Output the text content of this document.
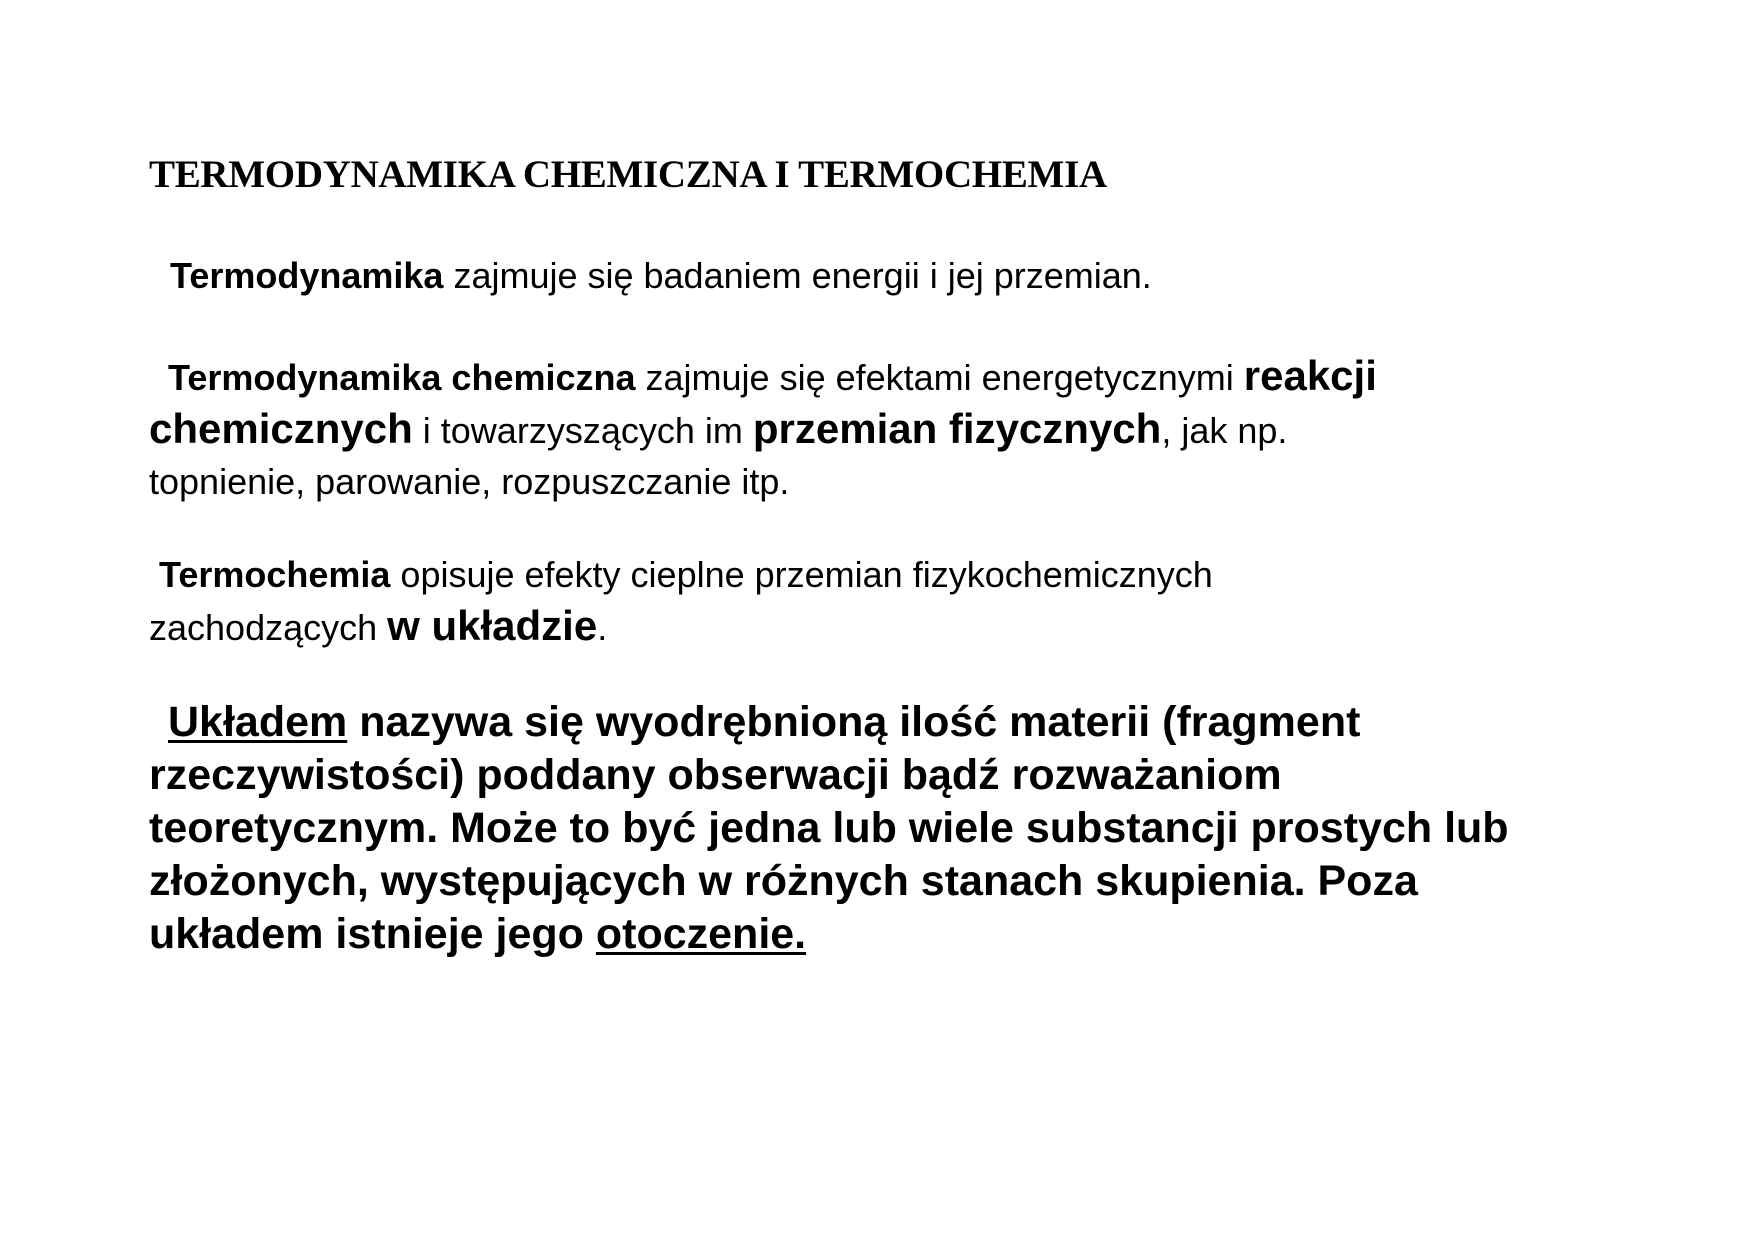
TERMODYNAMIKA CHEMICZNA I TERMOCHEMIA
Termodynamika zajmuje się badaniem energii i jej przemian.
Termodynamika chemiczna zajmuje się efektami energetycznymi reakcji
chemicznych i towarzyszących im przemian fizycznych, jak np.
topnienie, parowanie, rozpuszczanie itp.
Termochemia opisuje efekty cieplne przemian fizykochemicznych
zachodzących w układzie.
Układem nazywa się wyodrębnioną ilość materii (fragment
rzeczywistości) poddany obserwacji bądź rozważaniom
teoretycznym. Może to być jedna lub wiele substancji prostych lub
złożonych, występujących w różnych stanach skupienia. Poza
układem istnieje jego otoczenie.
